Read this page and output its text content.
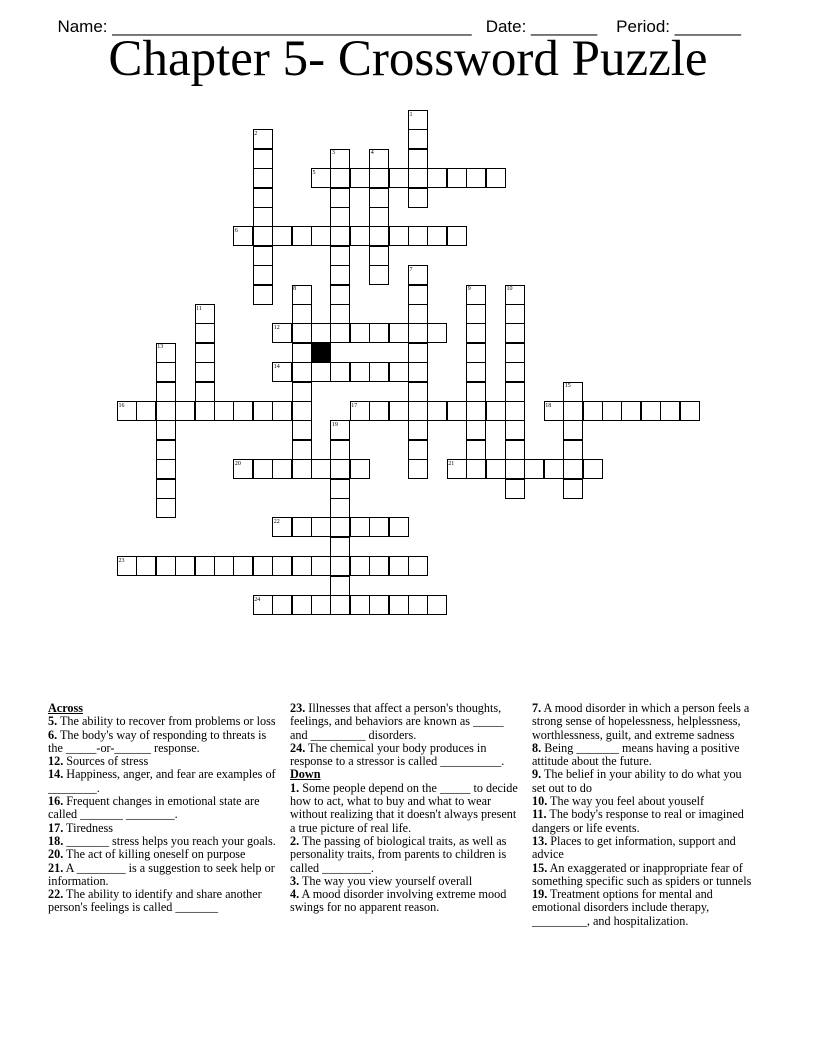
Name: ______________________________________ Date: _______ Period: _______

Chapter 5- Crossword Puzzle
5
6
12
14
16	17	18
20	21
22
23
24
1
2
3	4
7
8	9	10
11
13
15
19
Across
5. The ability to recover from problems or loss
6. The body's way of responding to threats is the _____-or-______ response.
12. Sources of stress
14. Happiness, anger, and fear are examples of ________.
16. Frequent changes in emotional state are called _______ ________.
17. Tiredness
18. _______ stress helps you reach your goals.
20. The act of killing oneself on purpose
21. A ________ is a suggestion to seek help or information.
22. The ability to identify and share another person's feelings is called _______
23. Illnesses that affect a person's thoughts, feelings, and behaviors are known as _____ and _________ disorders.
24. The chemical your body produces in response to a stressor is called __________.
Down
1. Some people depend on the _____ to decide how to act, what to buy and what to wear without realizing that it doesn't always present a true picture of real life.
2. The passing of biological traits, as well as personality traits, from parents to children is called ________.
3. The way you view yourself overall
4. A mood disorder involving extreme mood swings for no apparent reason.
7. A mood disorder in which a person feels a strong sense of hopelessness, helplessness, worthlessness, guilt, and extreme sadness
8. Being _______ means having a positive attitude about the future.
9. The belief in your ability to do what you set out to do
10. The way you feel about youself
11. The body's response to real or imagined dangers or life events.
13. Places to get information, support and advice
15. An exaggerated or inappropriate fear of something specific such as spiders or tunnels
19. Treatment options for mental and emotional disorders include therapy, _________, and hospitalization.
